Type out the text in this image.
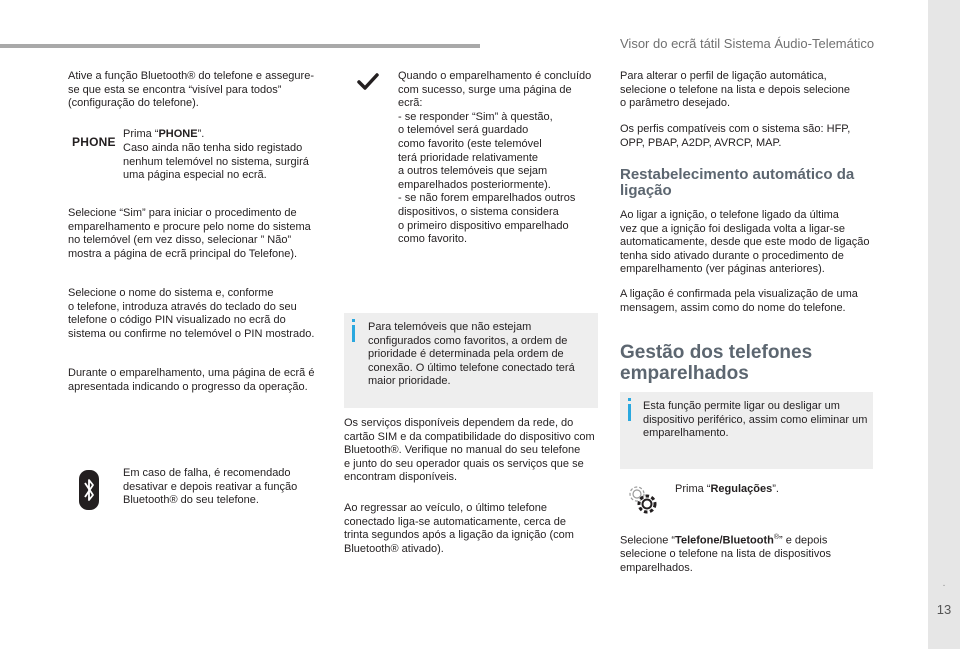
Visor do ecrã tátil Sistema Áudio-Telemático
.
13

Ative a função Bluetooth® do telefone e assegure-
se que esta se encontra “visível para todos”
(configuração do telefone).

PHONE

Prima “PHONE”.

Caso ainda não tenha sido registado
nenhum telemóvel no sistema, surgirá
uma página especial no ecrã.

Selecione “Sim” para iniciar o procedimento de
emparelhamento e procure pelo nome do sistema
no telemóvel (em vez disso, selecionar ” Não”
mostra a página de ecrã principal do Telefone).

Selecione o nome do sistema e, conforme
o telefone, introduza através do teclado do seu
telefone o código PIN visualizado no ecrã do
sistema ou confirme no telemóvel o PIN mostrado.

Durante o emparelhamento, uma página de ecrã é
apresentada indicando o progresso da operação.

Em caso de falha, é recomendado
desativar e depois reativar a função
Bluetooth® do seu telefone.

Quando o emparelhamento é concluído
com sucesso, surge uma página de
ecrã:
- se responder “Sim” à questão,
o telemóvel será guardado
como favorito (este telemóvel
terá prioridade relativamente
a outros telemóveis que sejam
emparelhados posteriormente).
- se não forem emparelhados outros
dispositivos, o sistema considera
o primeiro dispositivo emparelhado
como favorito.

Para telemóveis que não estejam
configurados como favoritos, a ordem de
prioridade é determinada pela ordem de
conexão. O último telefone conectado terá
maior prioridade.

Os serviços disponíveis dependem da rede, do
cartão SIM e da compatibilidade do dispositivo com
Bluetooth®. Verifique no manual do seu telefone
e junto do seu operador quais os serviços que se
encontram disponíveis.

Ao regressar ao veículo, o último telefone
conectado liga-se automaticamente, cerca de
trinta segundos após a ligação da ignição (com
Bluetooth® ativado).

Para alterar o perfil de ligação automática,
selecione o telefone na lista e depois selecione
o parâmetro desejado.

Os perfis compatíveis com o sistema são: HFP,
OPP, PBAP, A2DP, AVRCP, MAP.

Restabelecimento automático da
ligação

Ao ligar a ignição, o telefone ligado da última
vez que a ignição foi desligada volta a ligar-se
automaticamente, desde que este modo de ligação
tenha sido ativado durante o procedimento de
emparelhamento (ver páginas anteriores).

A ligação é confirmada pela visualização de uma
mensagem, assim como do nome do telefone.

Gestão dos telefones
emparelhados

Esta função permite ligar ou desligar um
dispositivo periférico, assim como eliminar um
emparelhamento.

Prima “Regulações”.

Selecione “Telefone/Bluetooth®” e depois
selecione o telefone na lista de dispositivos
emparelhados.
